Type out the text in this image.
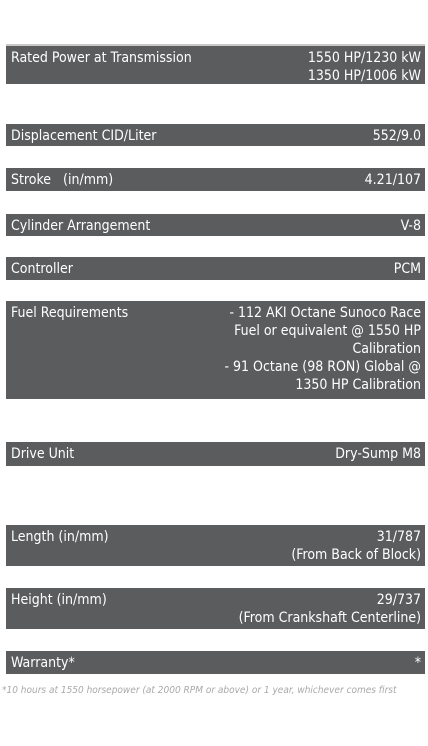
Rated Power at Transmission	1550 HP/1230 kW
1350 HP/1006 kW
Displacement CID/Liter	552/9.0
Stroke   (in/mm)	4.21/107
Cylinder Arrangement	V-8
Controller	PCM
Fuel Requirements	- 112 AKI Octane Sunoco Race
Fuel or equivalent @ 1550 HP
Calibration
- 91 Octane (98 RON) Global @
1350 HP Calibration
Drive Unit	Dry-Sump M8
Length (in/mm)	31/787
(From Back of Block)
Height (in/mm)	29/737
(From Crankshaft Centerline)
Warranty*	*
*10 hours at 1550 horsepower (at 2000 RPM or above) or 1 year, whichever comes first
